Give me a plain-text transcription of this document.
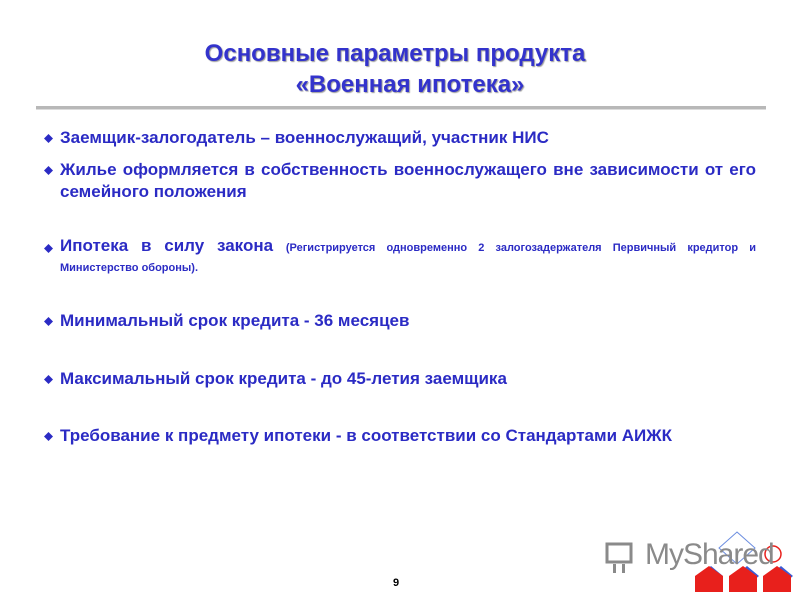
Основные параметры продукта
«Военная ипотека»
Заемщик-залогодатель – военнослужащий, участник НИС
Жилье оформляется в собственность военнослужащего вне зависимости от его семейного положения
Ипотека в силу закона (Регистрируется одновременно 2 залогозадержателя Первичный кредитор и Министерство обороны).
Минимальный срок кредита - 36 месяцев
Максимальный срок кредита - до 45-летия заемщика
Требование к предмету ипотеки - в соответствии со Стандартами АИЖК
9
MyShared
